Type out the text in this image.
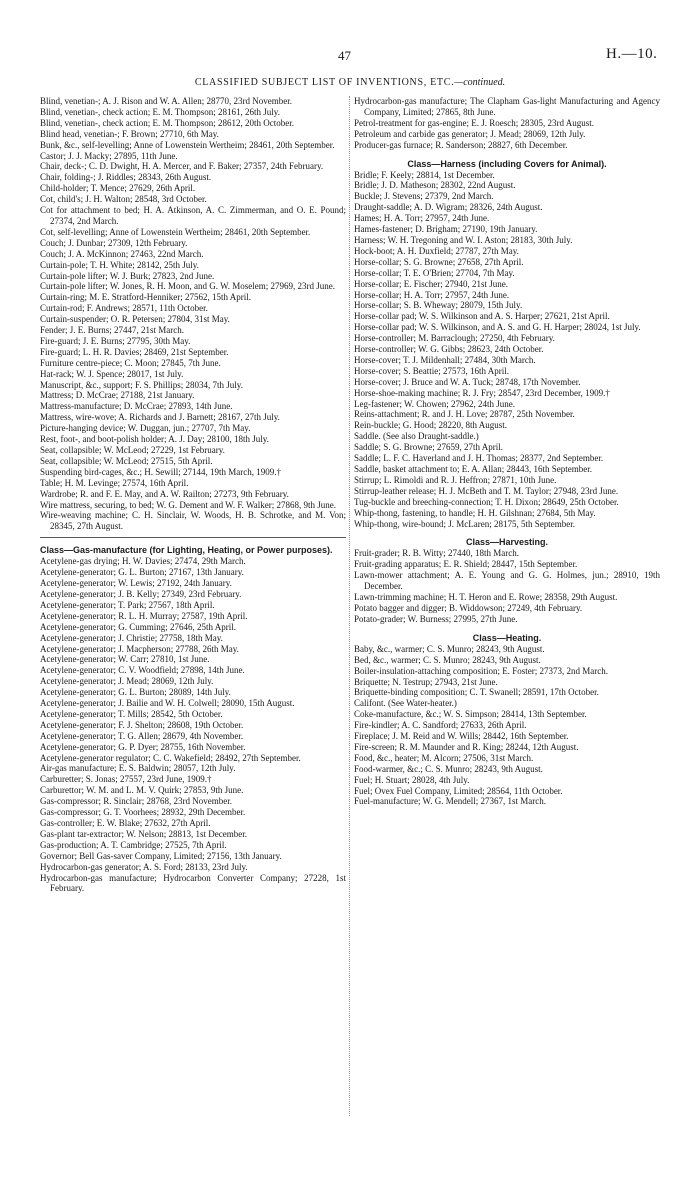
47	H.—10.
CLASSIFIED SUBJECT LIST OF INVENTIONS, ETC.—continued.

Blind, venetian-; A. J. Rison and W. A. Allen; 28770, 23rd November.

Blind, venetian-, check action; E. M. Thompson; 28161, 26th July.

Blind, venetian-, check action; E. M. Thompson; 28612, 20th October.

Blind head, venetian-; F. Brown; 27710, 6th May.

Bunk, &c., self-levelling; Anne of Lowenstein Wertheim; 28461, 20th September.

Castor; J. J. Macky; 27895, 11th June.

Chair, deck-; C. D. Dwight, H. A. Mercer, and F. Baker; 27357, 24th February.

Chair, folding-; J. Riddles; 28343, 26th August.

Child-holder; T. Mence; 27629, 26th April.

Cot, child's; J. H. Walton; 28548, 3rd October.

Cot for attachment to bed; H. A. Atkinson, A. C. Zimmerman, and O. E. Pound; 27374, 2nd March.

Cot, self-levelling; Anne of Lowenstein Wertheim; 28461, 20th September.

Couch; J. Dunbar; 27309, 12th February.

Couch; J. A. McKinnon; 27463, 22nd March.

Curtain-pole; T. H. White; 28142, 25th July.

Curtain-pole lifter; W. J. Burk; 27823, 2nd June.

Curtain-pole lifter; W. Jones, R. H. Moon, and G. W. Moselem; 27969, 23rd June.

Curtain-ring; M. E. Stratford-Henniker; 27562, 15th April.

Curtain-rod; F. Andrews; 28571, 11th October.

Curtain-suspender; O. R. Petersen; 27804, 31st May.

Fender; J. E. Burns; 27447, 21st March.

Fire-guard; J. E. Burns; 27795, 30th May.

Fire-guard; L. H. R. Davies; 28469, 21st September.

Furniture centre-piece; C. Moon; 27845, 7th June.

Hat-rack; W. J. Spence; 28017, 1st July.

Manuscript, &c., support; F. S. Phillips; 28034, 7th July.

Mattress; D. McCrae; 27188, 21st January.

Mattress-manufacture; D. McCrae; 27893, 14th June.

Mattress, wire-wove; A. Richards and J. Barnett; 28167, 27th July.

Picture-hanging device; W. Duggan, jun.; 27707, 7th May.

Rest, foot-, and boot-polish holder; A. J. Day; 28100, 18th July.

Seat, collapsible; W. McLeod; 27229, 1st February.

Seat, collapsible; W. McLeod; 27515, 5th April.

Suspending bird-cages, &c.; H. Sewill; 27144, 19th March, 1909.†

Table; H. M. Levinge; 27574, 16th April.

Wardrobe; R. and F. E. May, and A. W. Railton; 27273, 9th February.

Wire mattress, securing, to bed; W. G. Dement and W. F. Walker; 27868, 9th June.

Wire-weaving machine; C. H. Sinclair, W. Woods, H. B. Schrotke, and M. Von; 28345, 27th August.

Class—Gas-manufacture (for Lighting, Heating, or Power purposes).

Acetylene-gas drying; H. W. Davies; 27474, 29th March.

Acetylene-generator; G. L. Burton; 27167, 13th January.

Acetylene-generator; W. Lewis; 27192, 24th January.

Acetylene-generator; J. B. Kelly; 27349, 23rd February.

Acetylene-generator; T. Park; 27567, 18th April.

Acetylene-generator; R. L. H. Murray; 27587, 19th April.

Acetylene-generator; G. Cumming; 27646, 25th April.

Acetylene-generator; J. Christie; 27758, 18th May.

Acetylene-generator; J. Macpherson; 27788, 26th May.

Acetylene-generator; W. Carr; 27810, 1st June.

Acetylene-generator; C. V. Woodfield; 27898, 14th June.

Acetylene-generator; J. Mead; 28069, 12th July.

Acetylene-generator; G. L. Burton; 28089, 14th July.

Acetylene-generator; J. Bailie and W. H. Colwell; 28090, 15th August.

Acetylene-generator; T. Mills; 28542, 5th October.

Acetylene-generator; F. J. Shelton; 28608, 19th October.

Acetylene-generator; T. G. Allen; 28679, 4th November.

Acetylene-generator; G. P. Dyer; 28755, 16th November.

Acetylene-generator regulator; C. C. Wakefield; 28492, 27th September.

Air-gas manufacture; E. S. Baldwin; 28057, 12th July.

Carburetter; S. Jonas; 27557, 23rd June, 1909.†

Carburettor; W. M. and L. M. V. Quirk; 27853, 9th June.

Gas-compressor; R. Sinclair; 28768, 23rd November.

Gas-compressor; G. T. Voorhees; 28932, 29th December.

Gas-controller; E. W. Blake; 27632, 27th April.

Gas-plant tar-extractor; W. Nelson; 28813, 1st December.

Gas-production; A. T. Cambridge; 27525, 7th April.

Governor; Bell Gas-saver Company, Limited; 27156, 13th January.

Hydrocarbon-gas generator; A. S. Ford; 28133, 23rd July.

Hydrocarbon-gas manufacture; Hydrocarbon Converter Company; 27228, 1st February.

Hydrocarbon-gas manufacture; The Clapham Gas-light Manufacturing and Agency Company, Limited; 27865, 8th June.

Petrol-treatment for gas-engine; E. J. Roesch; 28305, 23rd August.

Petroleum and carbide gas generator; J. Mead; 28069, 12th July.

Producer-gas furnace; R. Sanderson; 28827, 6th December.

Class—Harness (including Covers for Animal).

Bridle; F. Keely; 28814, 1st December.

Bridle; J. D. Matheson; 28302, 22nd August.

Buckle; J. Stevens; 27379, 2nd March.

Draught-saddle; A. D. Wigram; 28326, 24th August.

Hames; H. A. Torr; 27957, 24th June.

Hames-fastener; D. Brigham; 27190, 19th January.

Harness; W. H. Tregoning and W. I. Aston; 28183, 30th July.

Hock-boot; A. H. Duxfield; 27787, 27th May.

Horse-collar; S. G. Browne; 27658, 27th April.

Horse-collar; T. E. O'Brien; 27704, 7th May.

Horse-collar; E. Fischer; 27940, 21st June.

Horse-collar; H. A. Torr; 27957, 24th June.

Horse-collar; S. B. Wheway; 28079, 15th July.

Horse-collar pad; W. S. Wilkinson and A. S. Harper; 27621, 21st April.

Horse-collar pad; W. S. Wilkinson, and A. S. and G. H. Harper; 28024, 1st July.

Horse-controller; M. Barraclough; 27250, 4th February.

Horse-controller; W. G. Gibbs; 28623, 24th October.

Horse-cover; T. J. Mildenhall; 27484, 30th March.

Horse-cover; S. Beattie; 27573, 16th April.

Horse-cover; J. Bruce and W. A. Tuck; 28748, 17th November.

Horse-shoe-making machine; R. J. Fry; 28547, 23rd December, 1909.†

Leg-fastener; W. Chowen; 27962, 24th June.

Reins-attachment; R. and J. H. Love; 28787, 25th November.

Rein-buckle; G. Hood; 28220, 8th August.

Saddle. (See also Draught-saddle.)

Saddle; S. G. Browne; 27659, 27th April.

Saddle; L. F. C. Haverland and J. H. Thomas; 28377, 2nd September.

Saddle, basket attachment to; E. A. Allan; 28443, 16th September.

Stirrup; L. Rimoldi and R. J. Heffron; 27871, 10th June.

Stirrup-leather release; H. J. McBeth and T. M. Taylor; 27948, 23rd June.

Tug-buckle and breeching-connection; T. H. Dixon; 28649, 25th October.

Whip-thong, fastening, to handle; H. H. Gilshnan; 27684, 5th May.

Whip-thong, wire-bound; J. McLaren; 28175, 5th September.

Class—Harvesting.

Fruit-grader; R. B. Witty; 27440, 18th March.

Fruit-grading apparatus; E. R. Shield; 28447, 15th September.

Lawn-mower attachment; A. E. Young and G. G. Holmes, jun.; 28910, 19th December.

Lawn-trimming machine; H. T. Heron and E. Rowe; 28358, 29th August.

Potato bagger and digger; B. Widdowson; 27249, 4th February.

Potato-grader; W. Burness; 27995, 27th June.

Class—Heating.

Baby, &c., warmer; C. S. Munro; 28243, 9th August.

Bed, &c., warmer; C. S. Munro; 28243, 9th August.

Boiler-insulation-attaching composition; E. Foster; 27373, 2nd March.

Briquette; N. Testrup; 27943, 21st June.

Briquette-binding composition; C. T. Swanell; 28591, 17th October.

Califont. (See Water-heater.)

Coke-manufacture, &c.; W. S. Simpson; 28414, 13th September.

Fire-kindler; A. C. Sandford; 27633, 26th April.

Fireplace; J. M. Reid and W. Wills; 28442, 16th September.

Fire-screen; R. M. Maunder and R. King; 28244, 12th August.

Food, &c., heater; M. Alcorn; 27506, 31st March.

Food-warmer, &c.; C. S. Munro; 28243, 9th August.

Fuel; H. Stuart; 28028, 4th July.

Fuel; Ovex Fuel Company, Limited; 28564, 11th October.

Fuel-manufacture; W. G. Mendell; 27367, 1st March.
